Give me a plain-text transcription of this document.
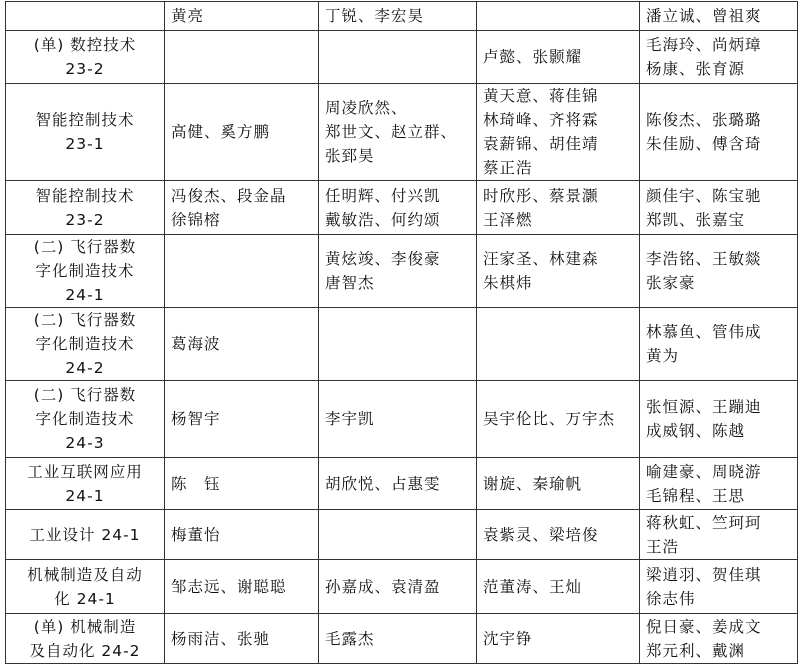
	黄亮	丁锐、李宏昊		潘立诚、曾祖爽

(单) 数控技术
23-2			卢懿、张颢耀	毛海玲、尚炳璋
杨康、张育源

智能控制技术
23-1	高健、奚方鹏	周凌欣然、
郑世文、赵立群、
张郅昊	黄天意、蒋佳锦
林琦峰、齐将霖
袁薪锦、胡佳靖
蔡正浩	陈俊杰、张璐璐
朱佳励、傅含琦

智能控制技术
23-2	冯俊杰、段金晶
徐锦榕	任明辉、付兴凯
戴敏浩、何约颂	时欣彤、蔡景灏
王泽燃	颜佳宇、陈宝驰
郑凯、张嘉宝

(二) 飞行器数
字化制造技术
24-1		黄炫竣、李俊豪
唐智杰	汪家圣、林建森
朱棋炜	李浩铭、王敏燚
张家豪

(二) 飞行器数
字化制造技术
24-2	葛海波			林慕鱼、管伟成
黄为

(二) 飞行器数
字化制造技术
24-3	杨智宇	李宇凯	吴宇伦比、万宇杰	张恒源、王蹦迪
成威钢、陈越

工业互联网应用
24-1	陈　钰	胡欣悦、占惠雯	谢旋、秦瑜帆	喻建豪、周晓游
毛锦程、王思

工业设计 24-1	梅董怡		袁紫灵、梁培俊	蒋秋虹、竺珂珂
王浩

机械制造及自动
化 24-1	邹志远、谢聪聪	孙嘉成、袁清盈	范董涛、王灿	梁逍羽、贺佳琪
徐志伟

(单) 机械制造
及自动化 24-2	杨雨洁、张驰	毛露杰	沈宇铮	倪日豪、姜成文
郑元利、戴渊
